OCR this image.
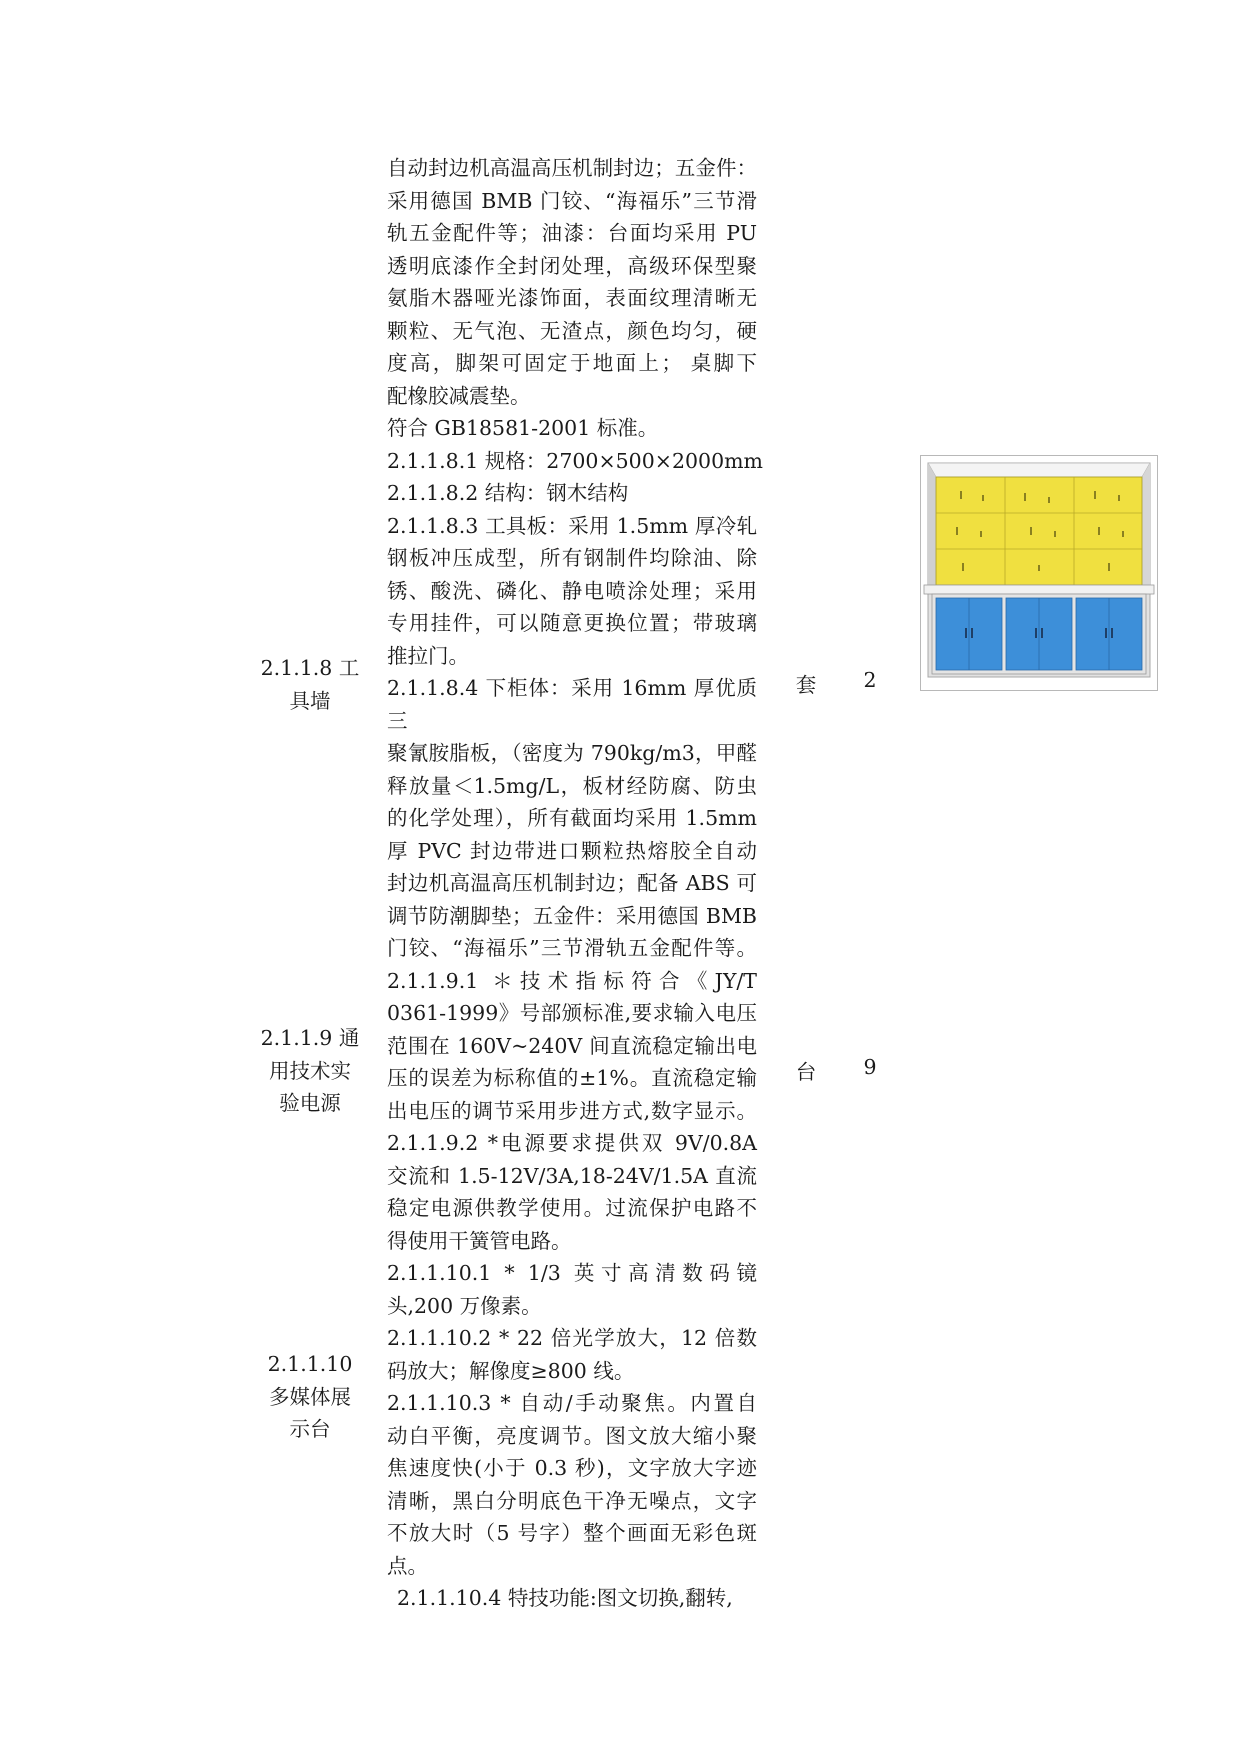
自动封边机高温高压机制封边；五金件：
采用德国 BMB 门铰、“海福乐”三节滑
轨五金配件等；油漆：台面均采用 PU
透明底漆作全封闭处理，高级环保型聚
氨脂木器哑光漆饰面，表面纹理清晰无
颗粒、无气泡、无渣点，颜色均匀，硬
度高，脚架可固定于地面上； 桌脚下
配橡胶减震垫。
符合 GB18581-2001 标准。
2.1.1.8.1 规格：2700×500×2000mm
2.1.1.8.2 结构：钢木结构
2.1.1.8.3 工具板：采用 1.5mm 厚冷轧
钢板冲压成型，所有钢制件均除油、除
锈、酸洗、磷化、静电喷涂处理；采用
专用挂件，可以随意更换位置；带玻璃
推拉门。
2.1.1.8.4 下柜体：采用 16mm 厚优质三
聚氰胺脂板，（密度为 790kg/m3，甲醛
释放量＜1.5mg/L，板材经防腐、防虫
的化学处理），所有截面均采用 1.5mm
厚 PVC 封边带进口颗粒热熔胶全自动
封边机高温高压机制封边；配备 ABS 可
调节防潮脚垫；五金件：采用德国 BMB
门铰、“海福乐”三节滑轨五金配件等。
2.1.1.9.1 ＊技术指标符合《JY/T
0361-1999》号部颁标准,要求输入电压
范围在 160V~240V 间直流稳定输出电
压的误差为标称值的±1%。直流稳定输
出电压的调节采用步进方式,数字显示。
2.1.1.9.2 *电源要求提供双 9V/0.8A
交流和 1.5-12V/3A,18-24V/1.5A 直流
稳定电源供教学使用。过流保护电路不
得使用干簧管电路。
2.1.1.10.1 * 1/3 英寸高清数码镜
头,200 万像素。
2.1.1.10.2 * 22 倍光学放大，12 倍数
码放大；解像度≥800 线。
2.1.1.10.3 * 自动/手动聚焦。内置自
动白平衡，亮度调节。图文放大缩小聚
焦速度快(小于 0.3 秒)，文字放大字迹
清晰，黑白分明底色干净无噪点，文字
不放大时（5 号字）整个画面无彩色斑
点。
2.1.1.10.4 特技功能:图文切换,翻转,
2.1.1.8 工
具墙
套	2
2.1.1.9 通
用技术实
验电源
台	9
2.1.1.10
多媒体展
示台
